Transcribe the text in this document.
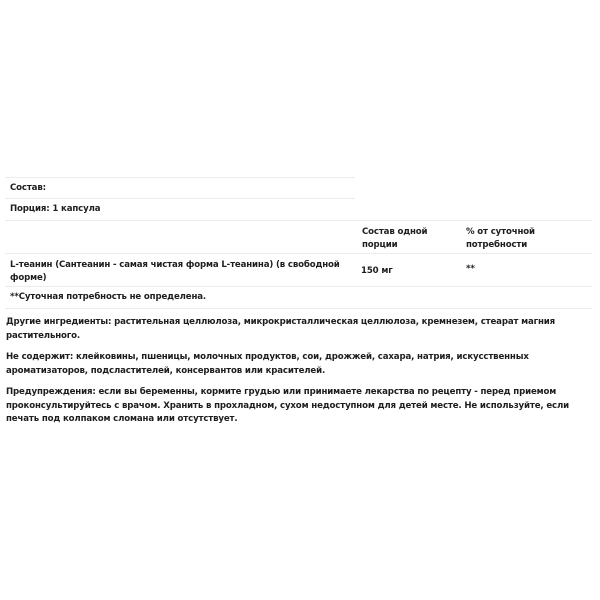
Состав:
Порция: 1 капсула
Состав одной порции
% от суточной потребности
L-теанин (Сантеанин - самая чистая форма L-теанина) (в свободной форме)
150 мг	**
**Суточная потребность не определена.

Другие ингредиенты: растительная целлюлоза, микрокристаллическая целлюлоза, кремнезем, стеарат магния растительного.

Не содержит: клейковины, пшеницы, молочных продуктов, сои, дрожжей, сахара, натрия, искусственных ароматизаторов, подсластителей, консервантов или красителей.

Предупреждения: если вы беременны, кормите грудью или принимаете лекарства по рецепту - перед приемом проконсультируйтесь с врачом. Хранить в прохладном, сухом недоступном для детей месте. Не используйте, если печать под колпаком сломана или отсутствует.
